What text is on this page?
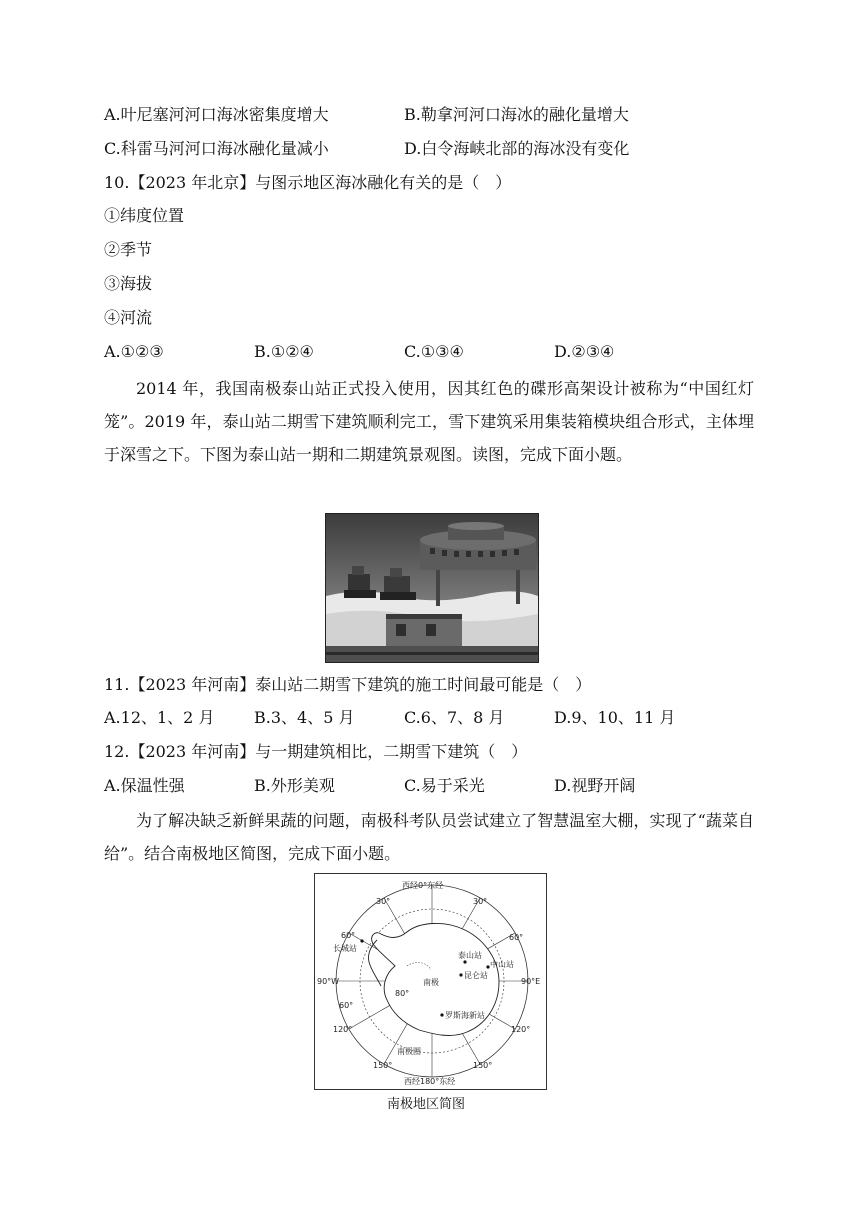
A.叶尼塞河河口海冰密集度增大	B.勒拿河河口海冰的融化量增大
C.科雷马河河口海冰融化量减小	D.白令海峡北部的海冰没有变化
10.【2023 年北京】与图示地区海冰融化有关的是（　）
①纬度位置
②季节
③海拔
④河流
A.①②③	B.①②④	C.①③④	D.②③④
2014 年，我国南极泰山站正式投入使用，因其红色的碟形高架设计被称为“中国红灯笼”。2019 年，泰山站二期雪下建筑顺利完工，雪下建筑采用集装箱模块组合形式，主体埋于深雪之下。下图为泰山站一期和二期建筑景观图。读图，完成下面小题。
11.【2023 年河南】泰山站二期雪下建筑的施工时间最可能是（　）
A.12、1、2 月 B.3、4、5 月	C.6、7、8 月	D.9、10、11 月
12.【2023 年河南】与一期建筑相比，二期雪下建筑（　）
A.保温性强	B.外形美观	C.易于采光	D.视野开阔
为了解决缺乏新鲜果蔬的问题，南极科考队员尝试建立了智慧温室大棚，实现了“蔬菜自给”。结合南极地区简图，完成下面小题。
西经0°东经
西经180°东经
90°W	90°E
30°	30°
60°	60°
80°
60°
120°	120°
150°	150°
南极
南极圈
长城站
泰山站
中山站
昆仑站
罗斯海新站
南极地区简图
